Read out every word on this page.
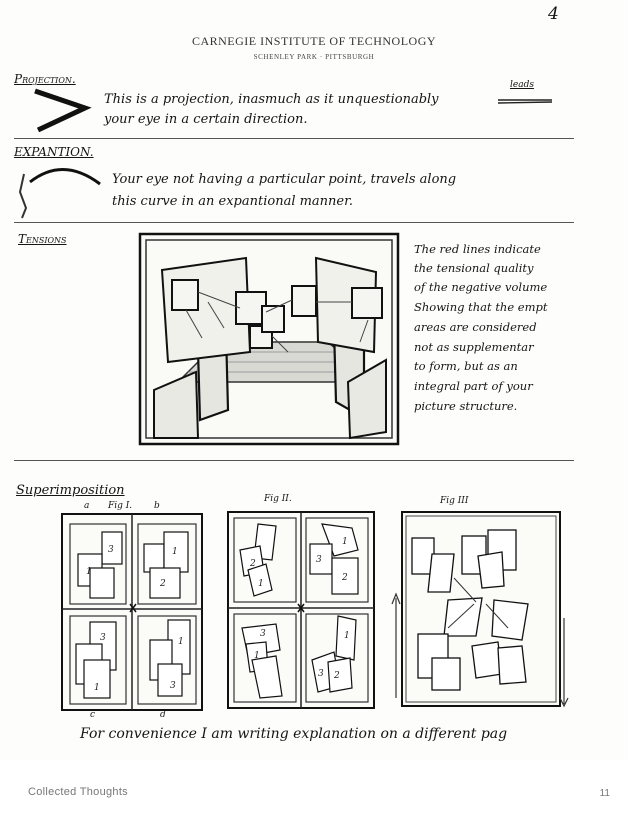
4
CARNEGIE INSTITUTE OF TECHNOLOGY
SCHENLEY PARK · PITTSBURGH
Projection.
This is a projection, inasmuch as it unquestionably
leads
your eye in a certain direction.
EXPANTION.
Your eye not having a particular point, travels along
this curve in an expantional manner.
Tensions
The red lines indicate
the tensional quality
of the negative volume
Showing that the empt
areas are considered
not as supplementar
to form, but as an
integral part of your
picture structure.
Superimposition
a Fig I. b
Fig II.	Fig III
3
1
1
2
3
1
1
3
c	d
2
1
1
3
2
3
1
1
3 2
For convenience I am writing explanation on a different pag
Collected Thoughts	11
